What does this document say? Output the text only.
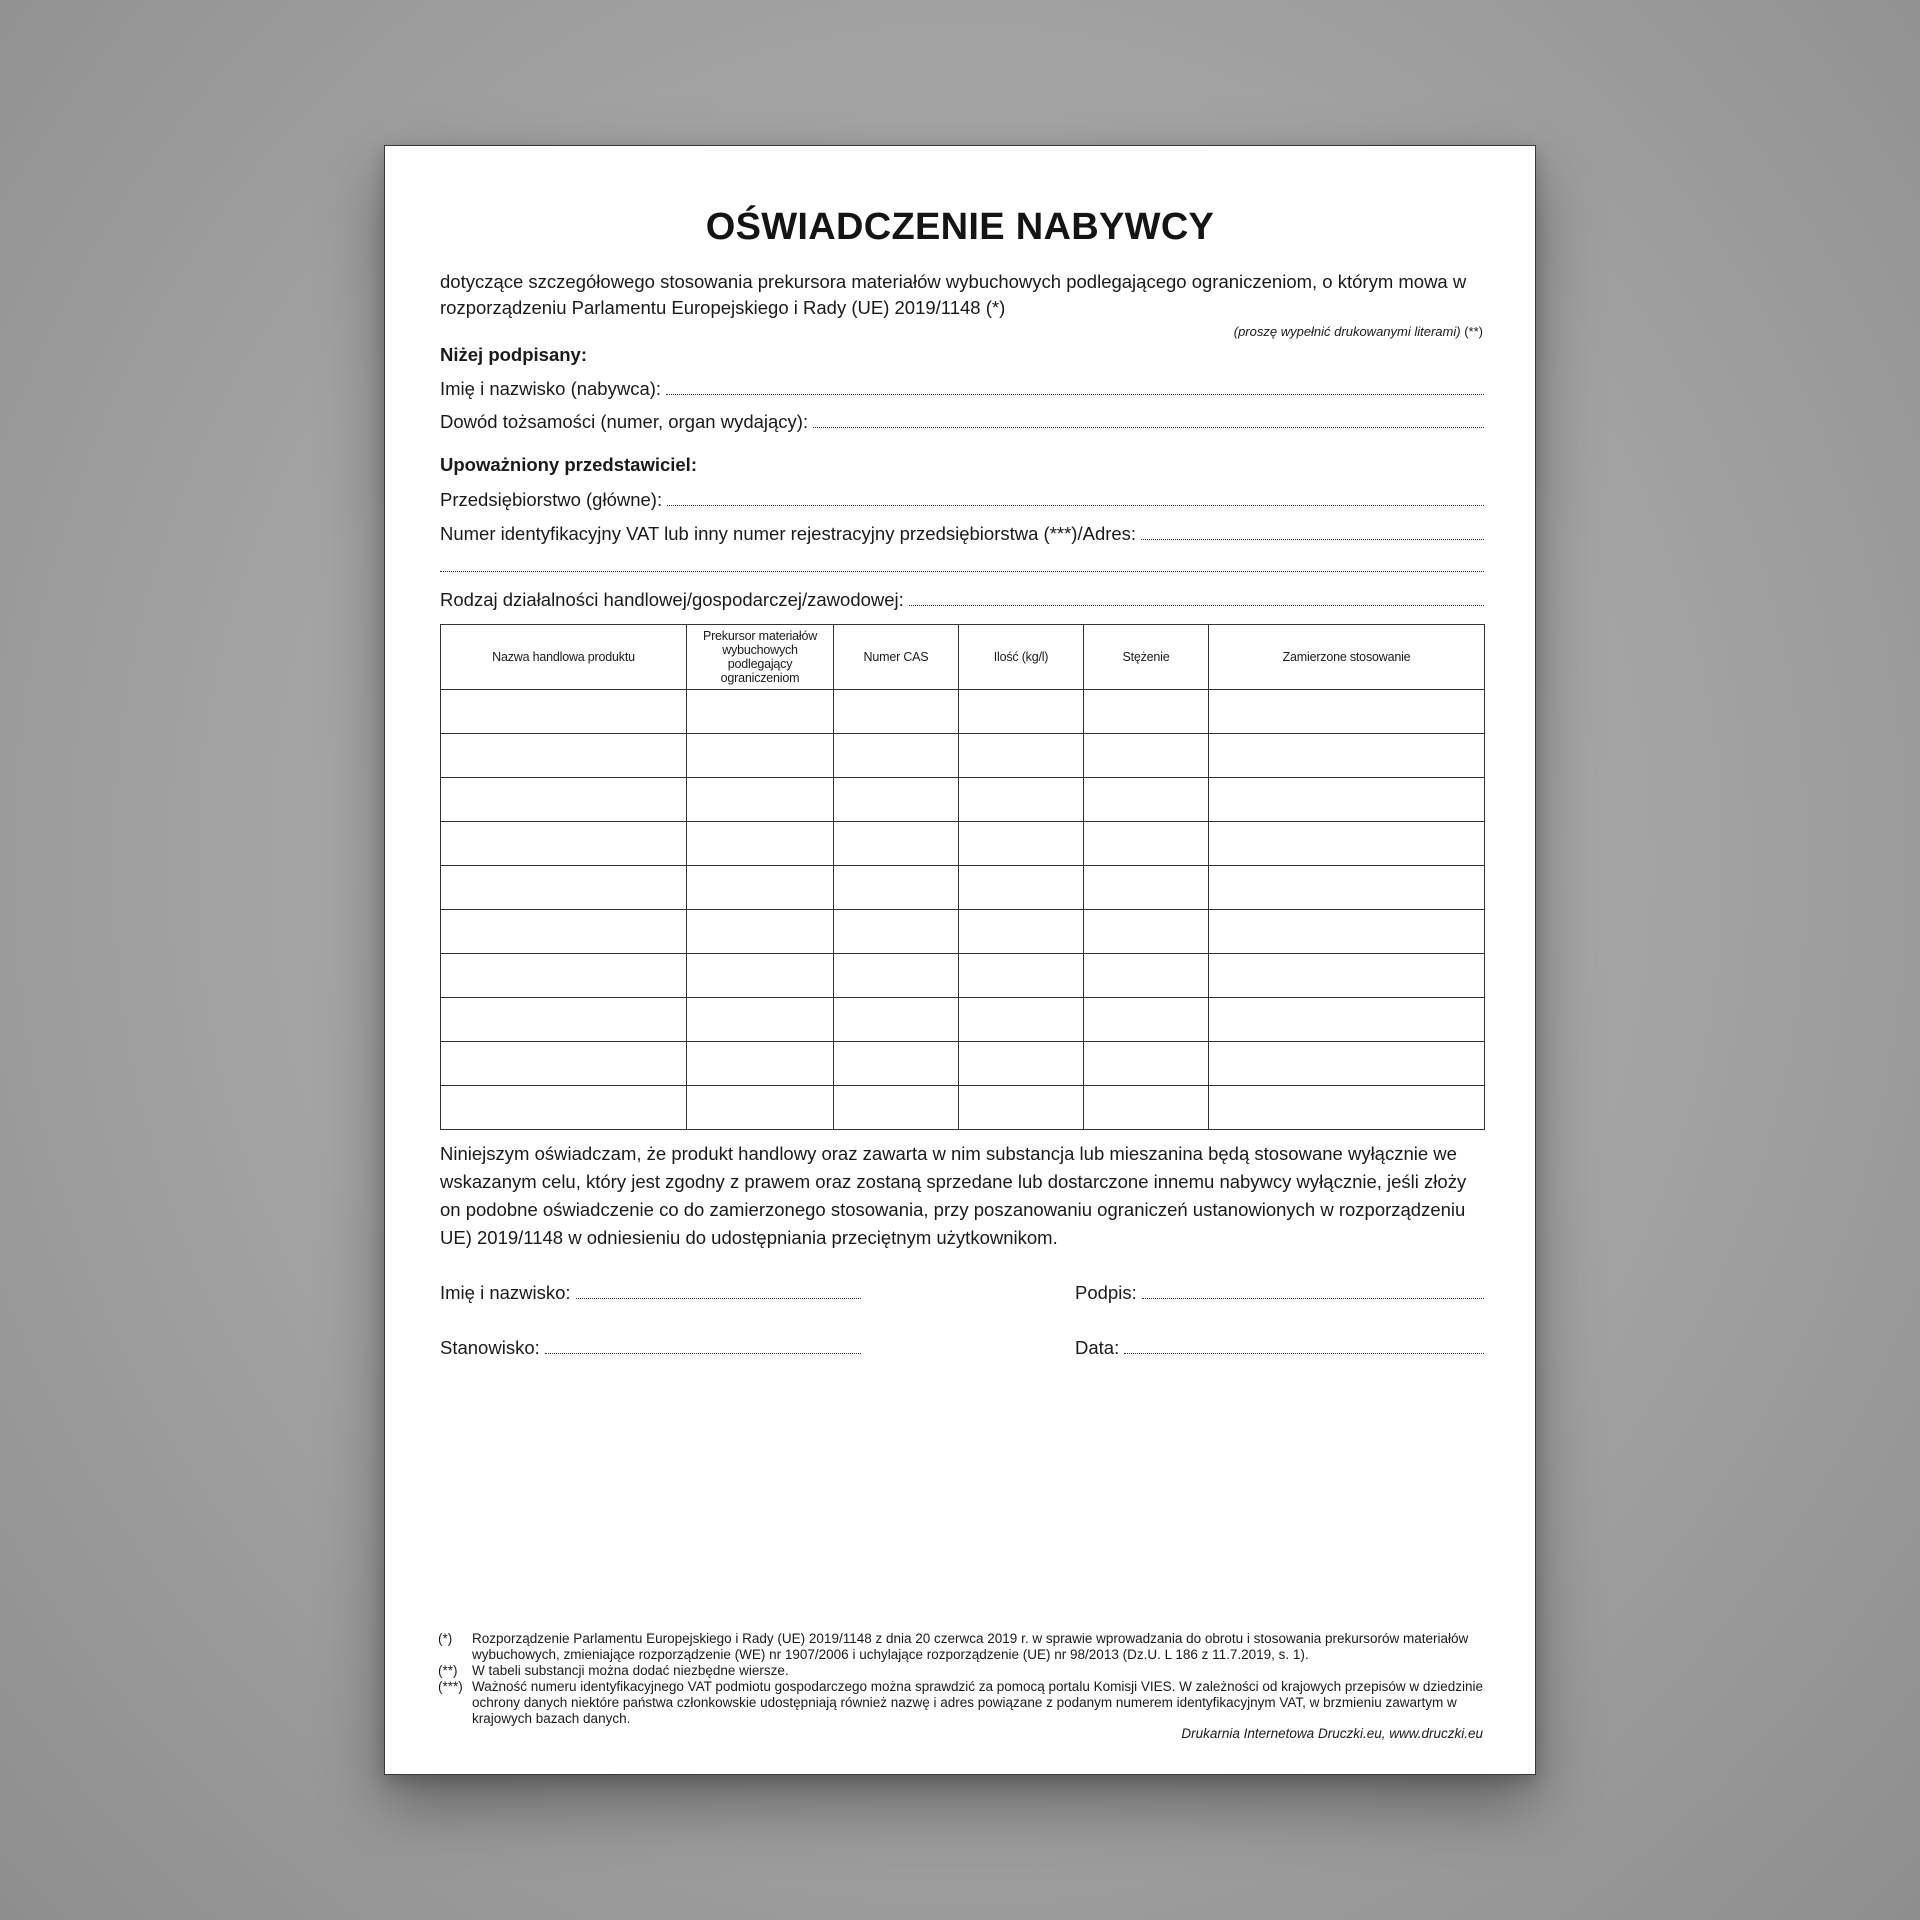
OŚWIADCZENIE NABYWCY
dotyczące szczegółowego stosowania prekursora materiałów wybuchowych podlegającego ograniczeniom, o którym mowa w rozporządzeniu Parlamentu Europejskiego i Rady (UE) 2019/1148 (*)
(proszę wypełnić drukowanymi literami) (**)
Niżej podpisany:
Imię i nazwisko (nabywca):
Dowód tożsamości (numer, organ wydający):
Upoważniony przedstawiciel:
Przedsiębiorstwo (główne):
Numer identyfikacyjny VAT lub inny numer rejestracyjny przedsiębiorstwa (***)/Adres:
Rodzaj działalności handlowej/gospodarczej/zawodowej:
Nazwa handlowa produktu	Prekursor materiałów wybuchowych podlegający ograniczeniom	Numer CAS	Ilość (kg/l)	Stężenie	Zamierzone stosowanie

Niniejszym oświadczam, że produkt handlowy oraz zawarta w nim substancja lub mieszanina będą stosowane wyłącznie we wskazanym celu, który jest zgodny z prawem oraz zostaną sprzedane lub dostarczone innemu nabywcy wyłącznie, jeśli złoży on podobne oświadczenie co do zamierzonego stosowania, przy poszanowaniu ograniczeń ustanowionych w rozporządzeniu UE) 2019/1148 w odniesieniu do udostępniania przeciętnym użytkownikom.
Imię i nazwisko:	Podpis:
Stanowisko:	Data:
(*)	Rozporządzenie Parlamentu Europejskiego i Rady (UE) 2019/1148 z dnia 20 czerwca 2019 r. w sprawie wprowadzania do obrotu i stosowania prekursorów materiałów wybuchowych, zmieniające rozporządzenie (WE) nr 1907/2006 i uchylające rozporządzenie (UE) nr 98/2013 (Dz.U. L 186 z 11.7.2019, s. 1).
(**)	W tabeli substancji można dodać niezbędne wiersze.
(***) Ważność numeru identyfikacyjnego VAT podmiotu gospodarczego można sprawdzić za pomocą portalu Komisji VIES. W zależności od krajowych przepisów w dziedzinie ochrony danych niektóre państwa członkowskie udostępniają również nazwę i adres powiązane z podanym numerem identyfikacyjnym VAT, w brzmieniu zawartym w krajowych bazach danych.
Drukarnia Internetowa Druczki.eu, www.druczki.eu
